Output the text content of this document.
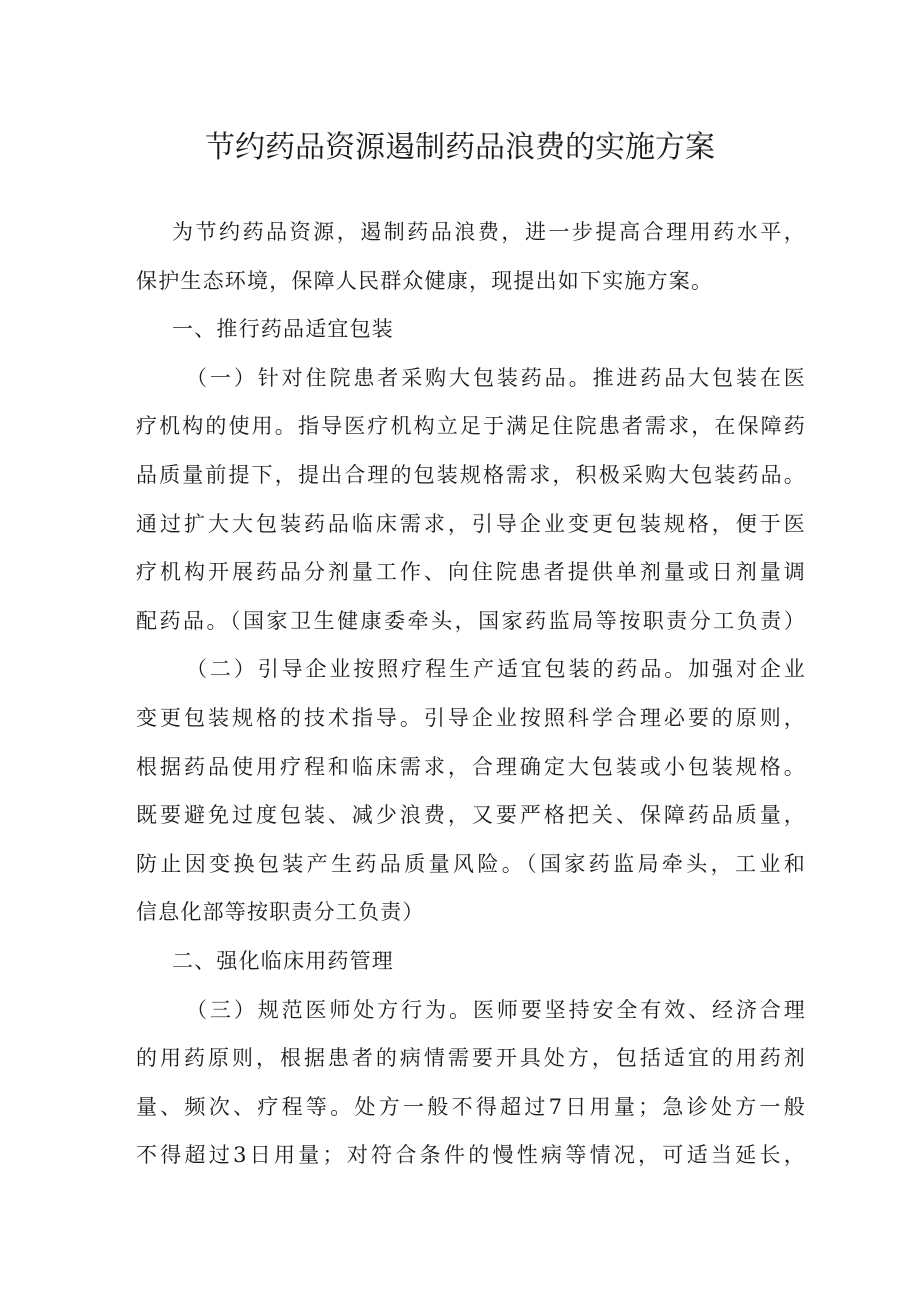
节约药品资源遏制药品浪费的实施方案
为节约药品资源，遏制药品浪费，进一步提高合理用药水平，
保护生态环境，保障人民群众健康，现提出如下实施方案。
一、推行药品适宜包装
（一）针对住院患者采购大包装药品。推进药品大包装在医
疗机构的使用。指导医疗机构立足于满足住院患者需求，在保障药
品质量前提下，提出合理的包装规格需求，积极采购大包装药品。
通过扩大大包装药品临床需求，引导企业变更包装规格，便于医
疗机构开展药品分剂量工作、向住院患者提供单剂量或日剂量调
配药品。（国家卫生健康委牵头，国家药监局等按职责分工负责）
（二）引导企业按照疗程生产适宜包装的药品。加强对企业
变更包装规格的技术指导。引导企业按照科学合理必要的原则，
根据药品使用疗程和临床需求，合理确定大包装或小包装规格。
既要避免过度包装、减少浪费，又要严格把关、保障药品质量，
防止因变换包装产生药品质量风险。（国家药监局牵头，工业和
信息化部等按职责分工负责）
二、强化临床用药管理
（三）规范医师处方行为。医师要坚持安全有效、经济合理
的用药原则，根据患者的病情需要开具处方，包括适宜的用药剂
量、频次、疗程等。处方一般不得超过7日用量；急诊处方一般
不得超过3日用量；对符合条件的慢性病等情况，可适当延长，
